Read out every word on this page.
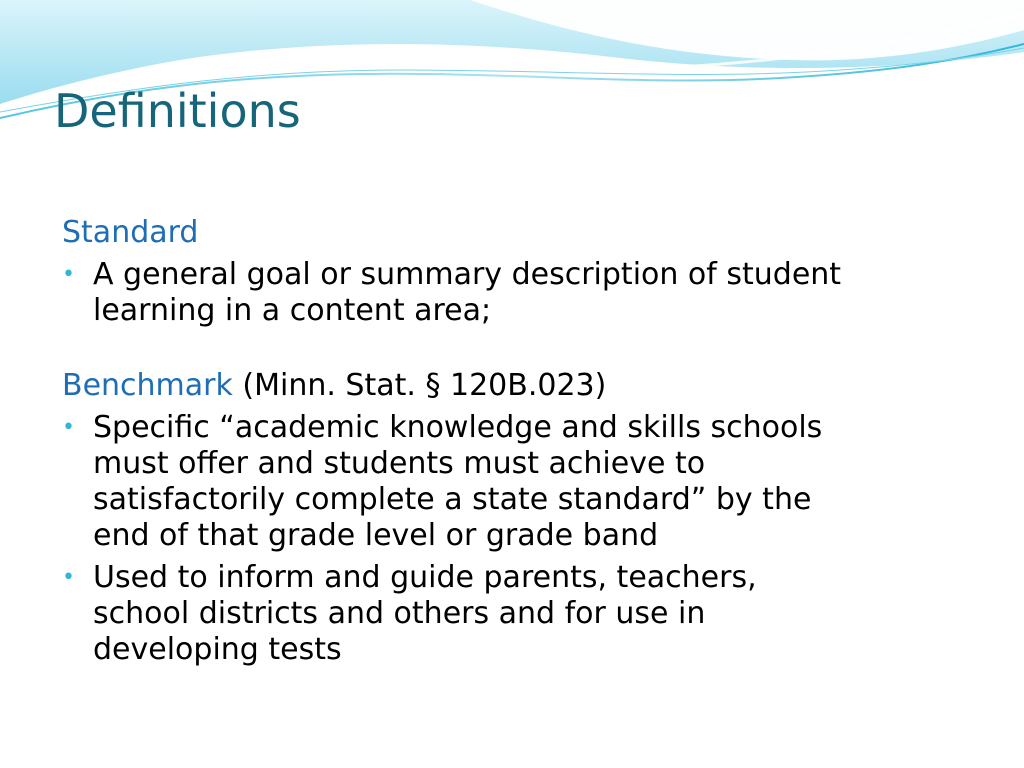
Definitions
Standard
• A general goal or summary description of student
learning in a content area;
Benchmark (Minn. Stat. § 120B.023)
• Specific “academic knowledge and skills schools
must offer and students must achieve to
satisfactorily complete a state standard” by the
end of that grade level or grade band
• Used to inform and guide parents, teachers,
school districts and others and for use in
developing tests
